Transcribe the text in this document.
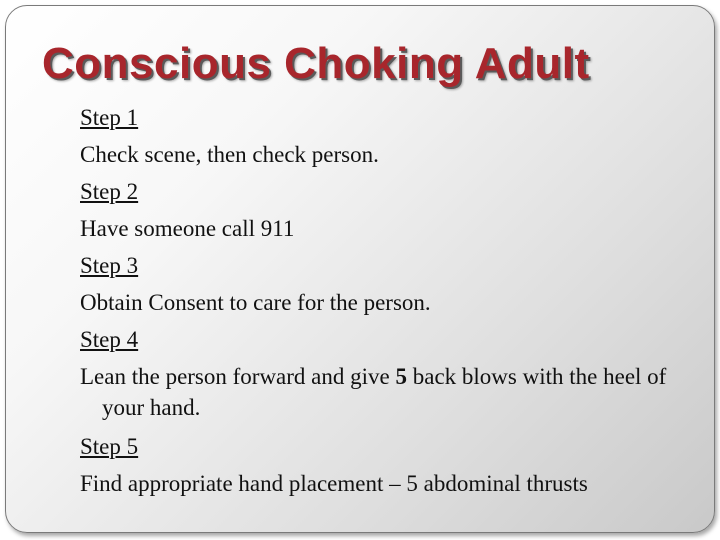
Conscious Choking Adult
Step 1
Check scene, then check person.
Step 2
Have someone call 911
Step 3
Obtain Consent to care for the person.
Step 4
Lean the person forward and give 5 back blows with the heel of your hand.
Step 5
Find appropriate hand placement – 5 abdominal thrusts
